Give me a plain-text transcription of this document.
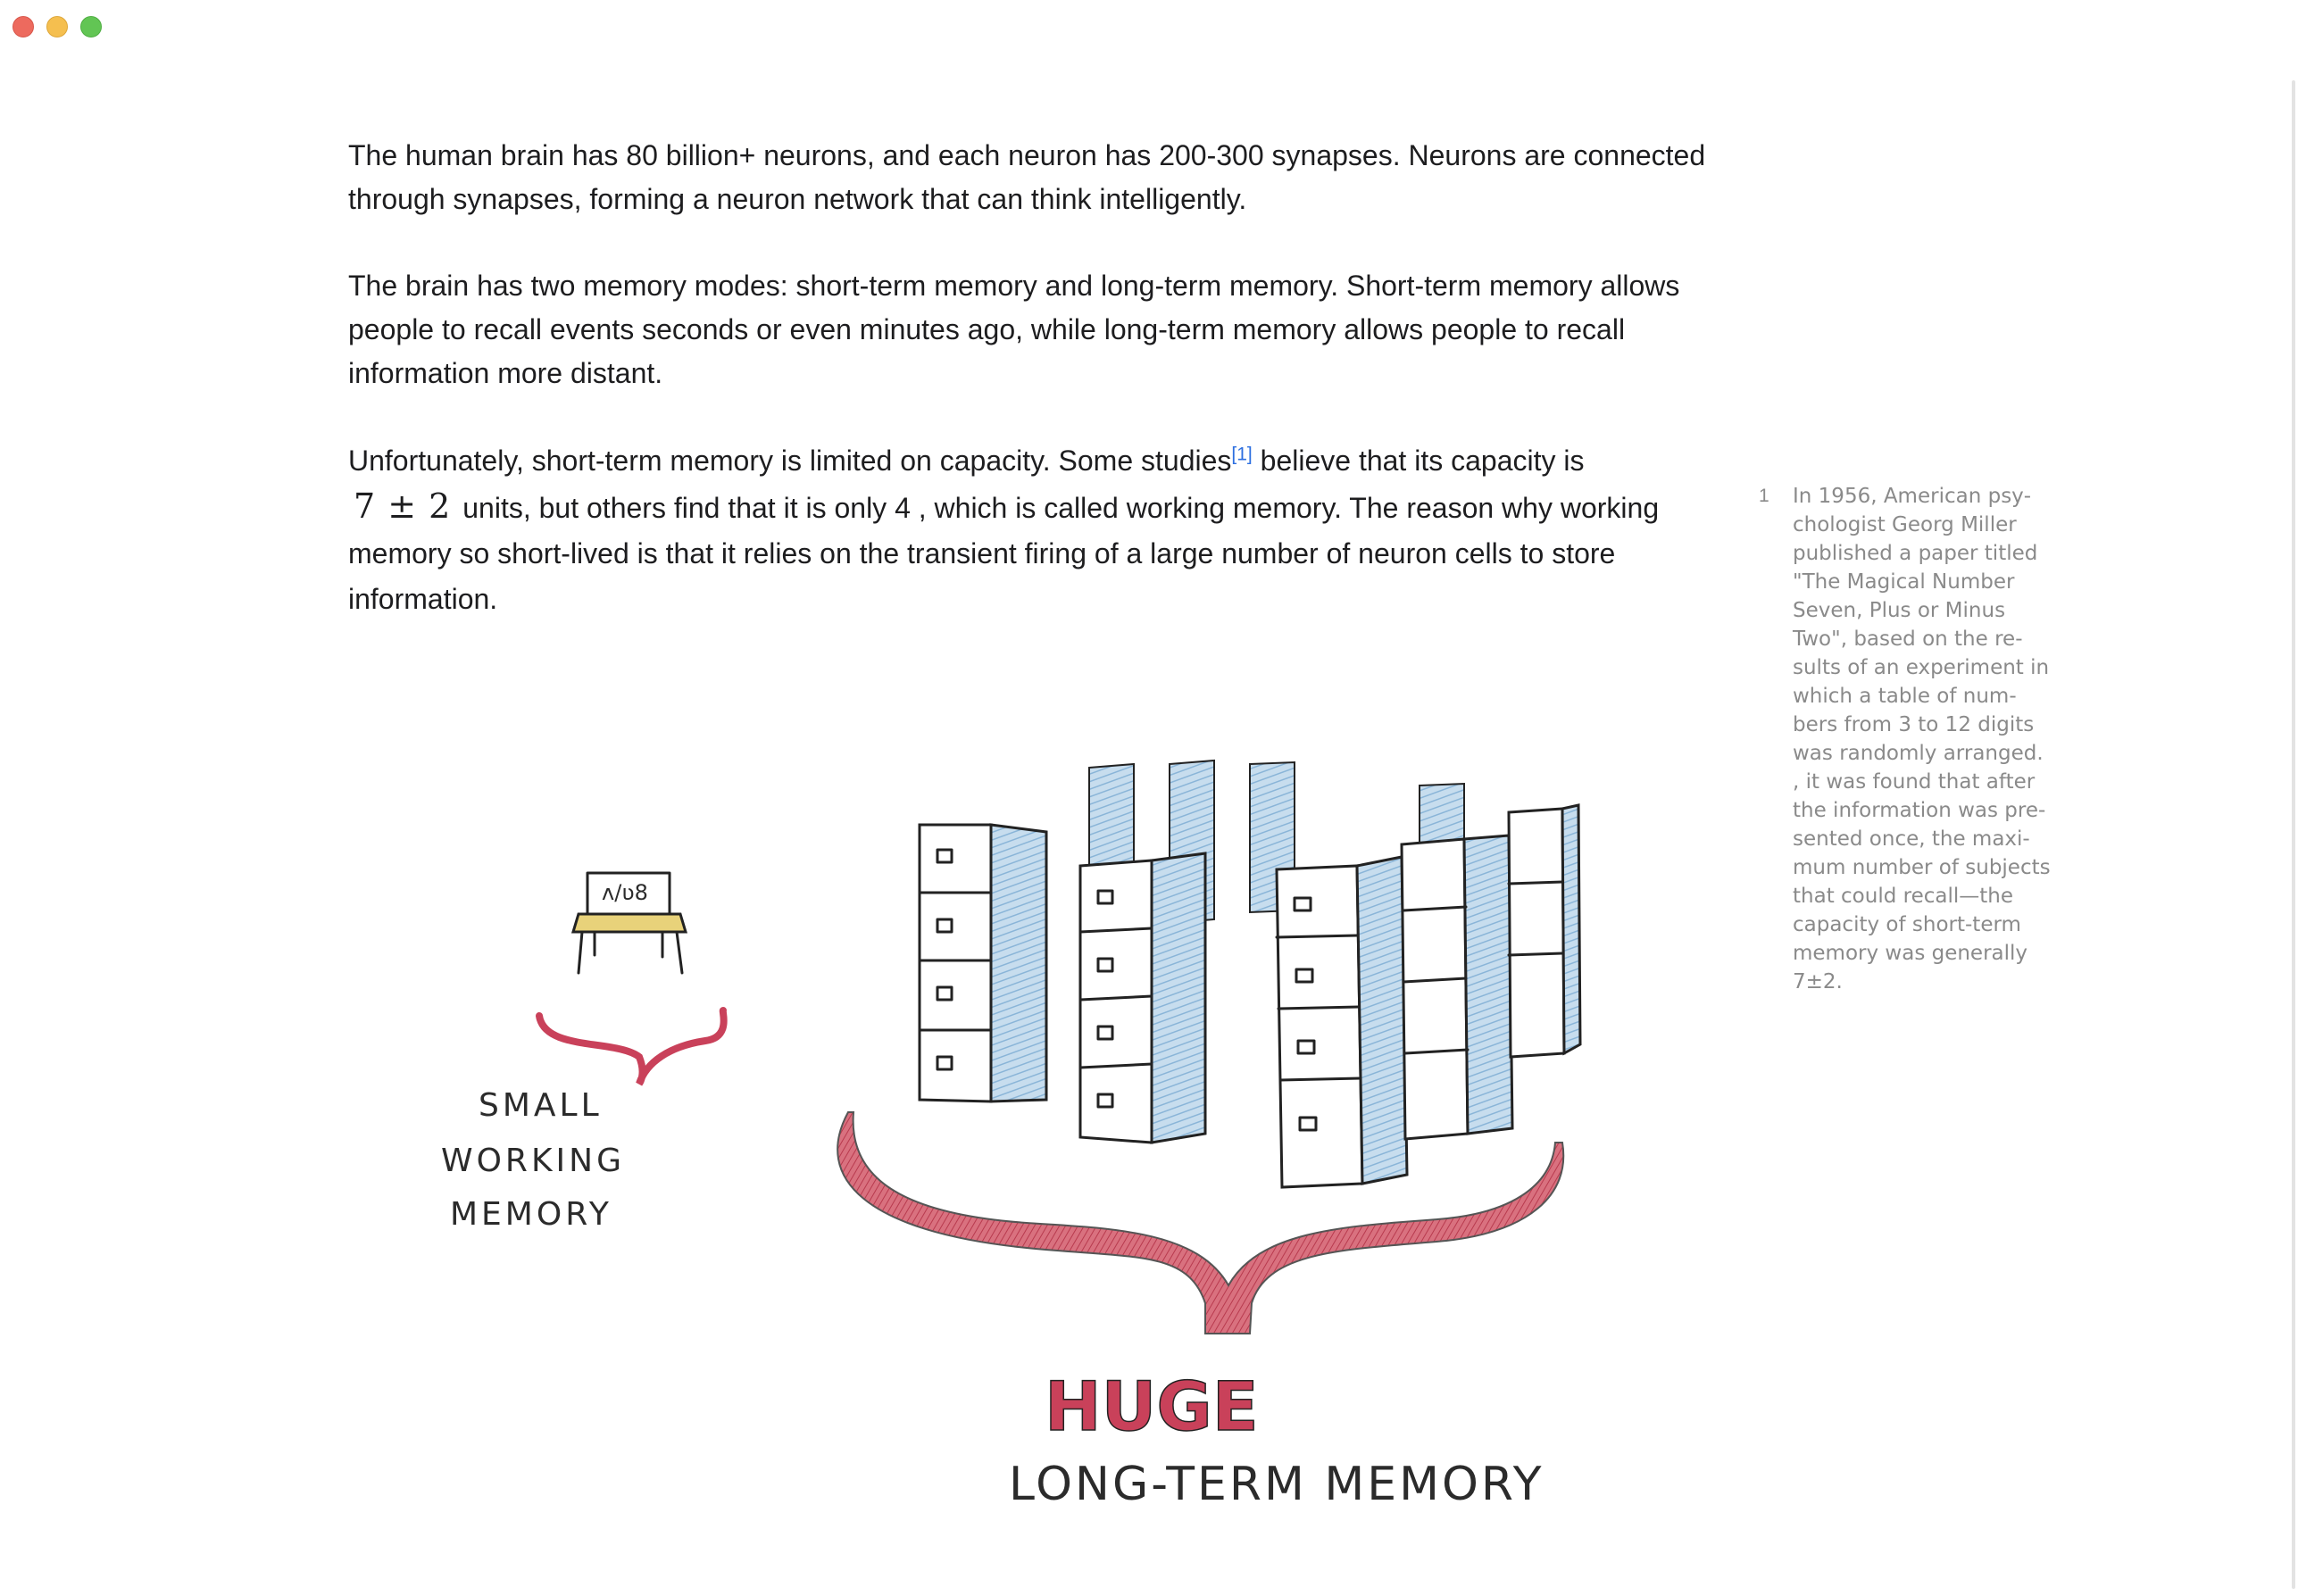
The human brain has 80 billion+ neurons, and each neuron has 200-300 synapses. Neurons are connected through synapses, forming a neuron network that can think intelligently.

The brain has two memory modes: short-term memory and long-term memory. Short-term memory allows people to recall events seconds or even minutes ago, while long-term memory allows people to recall information more distant.

Unfortunately, short-term memory is limited on capacity. Some studies[1] believe that its capacity is
7 ± 2 units, but others find that it is only 4 , which is called working memory. The reason why working memory so short-lived is that it relies on the transient firing of a large number of neuron cells to store information.

1 In 1956, American psychologist Georg Miller published a paper titled "The Magical Number Seven, Plus or Minus Two", based on the results of an experiment in which a table of numbers from 3 to 12 digits was randomly arranged. , it was found that after the information was presented once, the maximum number of subjects that could recall—the capacity of short-term memory was generally 7±2.
ʌ/ʋ8
SMALL
WORKING
MEMORY
HUGE
LONG-TERM MEMORY
